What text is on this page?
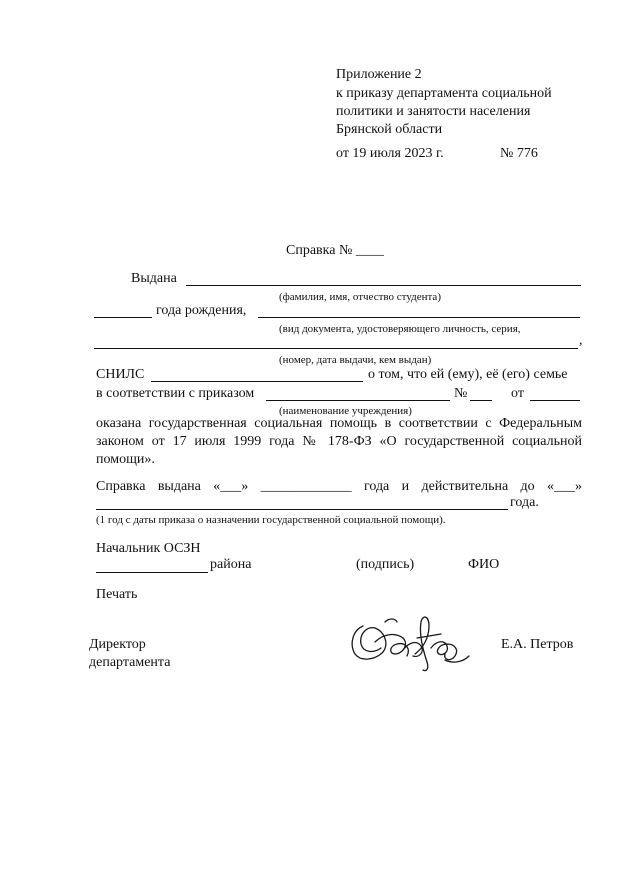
Приложение 2
к приказу департамента социальной
политики и занятости населения
Брянской области
от 19 июля 2023 г.	№ 776
Справка № ____
Выдана
(фамилия, имя, отчество студента)
года рождения,
(вид документа, удостоверяющего личность, серия,
,
(номер, дата выдачи, кем выдан)
СНИЛС	о том, что ей (ему), её (его) семье
в соответствии с приказом	№	от
(наименование учреждения)
оказана государственная социальная помощь в соответствии с Федеральным законом от 17 июля 1999 года № 178-ФЗ «О государственной социальной помощи».
Справка выдана «___» _____________ года и действительна до «___»
года.
(1 год с даты приказа о назначении государственной социальной помощи).
Начальник ОСЗН
района	(подпись)	ФИО
Печать
Директор
департамента
Е.А. Петров
